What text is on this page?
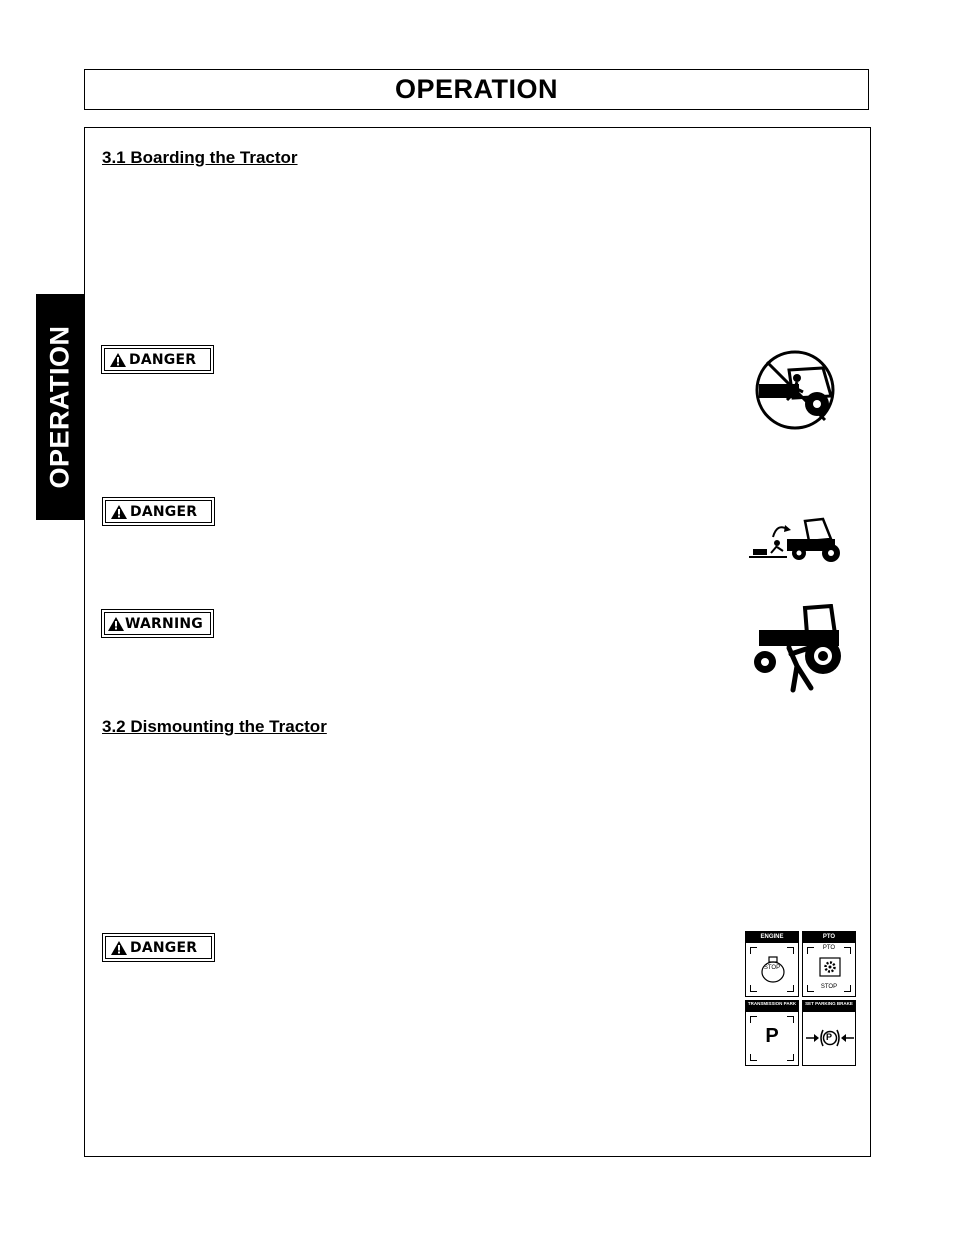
OPERATION
OPERATION
3.1 Boarding the Tractor
3.2 Dismounting the Tractor
DANGER
DANGER
WARNING
DANGER
ENGINE
STOP
PTO
PTO
STOP
TRANSMISSION PARK
P
SET PARKING BRAKE
P
